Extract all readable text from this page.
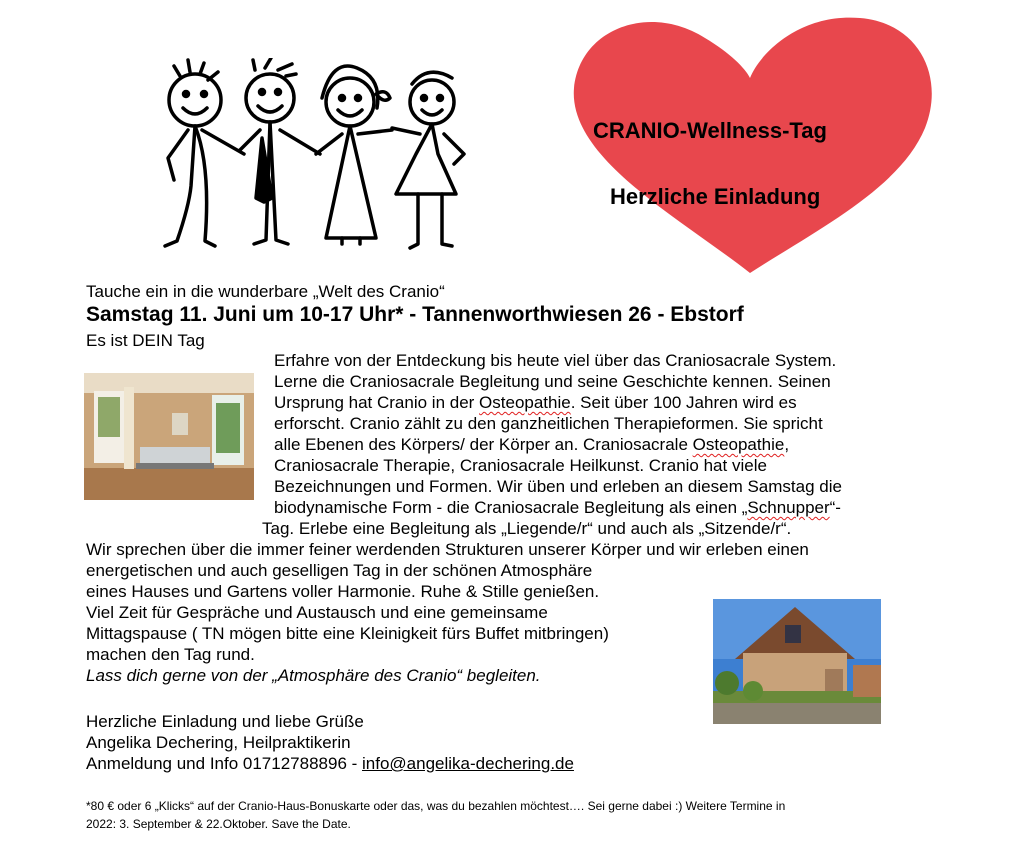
CRANIO-Wellness-Tag
Herzliche Einladung
Tauche ein in die wunderbare „Welt des Cranio“
Samstag 11. Juni um 10-17 Uhr* - Tannenworthwiesen 26 - Ebstorf
Es ist DEIN Tag
Erfahre von der Entdeckung bis heute viel über das Craniosacrale System.
Lerne die Craniosacrale Begleitung und seine Geschichte kennen. Seinen
Ursprung hat Cranio in der Osteopathie. Seit über 100 Jahren wird es
erforscht. Cranio zählt zu den ganzheitlichen Therapieformen. Sie spricht
alle Ebenen des Körpers/ der Körper an. Craniosacrale Osteopathie,
Craniosacrale Therapie, Craniosacrale Heilkunst. Cranio hat viele
Bezeichnungen und Formen. Wir üben und erleben an diesem Samstag die
biodynamische Form - die Craniosacrale Begleitung als einen „Schnupper“-
Tag. Erlebe eine Begleitung als „Liegende/r“ und auch als „Sitzende/r“.
Wir sprechen über die immer feiner werdenden Strukturen unserer Körper und wir erleben einen
energetischen und auch geselligen Tag in der schönen Atmosphäre
eines Hauses und Gartens voller Harmonie. Ruhe & Stille genießen.
Viel Zeit für Gespräche und Austausch und eine gemeinsame
Mittagspause ( TN mögen bitte eine Kleinigkeit fürs Buffet mitbringen)
machen den Tag rund.
Lass dich gerne von der „Atmosphäre des Cranio“ begleiten.
Herzliche Einladung und liebe Grüße
Angelika Dechering, Heilpraktikerin
Anmeldung und Info 01712788896 - info@angelika-dechering.de
*80 € oder 6 „Klicks“ auf der Cranio-Haus-Bonuskarte oder das, was du bezahlen möchtest…. Sei gerne dabei :) Weitere Termine in
2022: 3. September & 22.Oktober. Save the Date.
